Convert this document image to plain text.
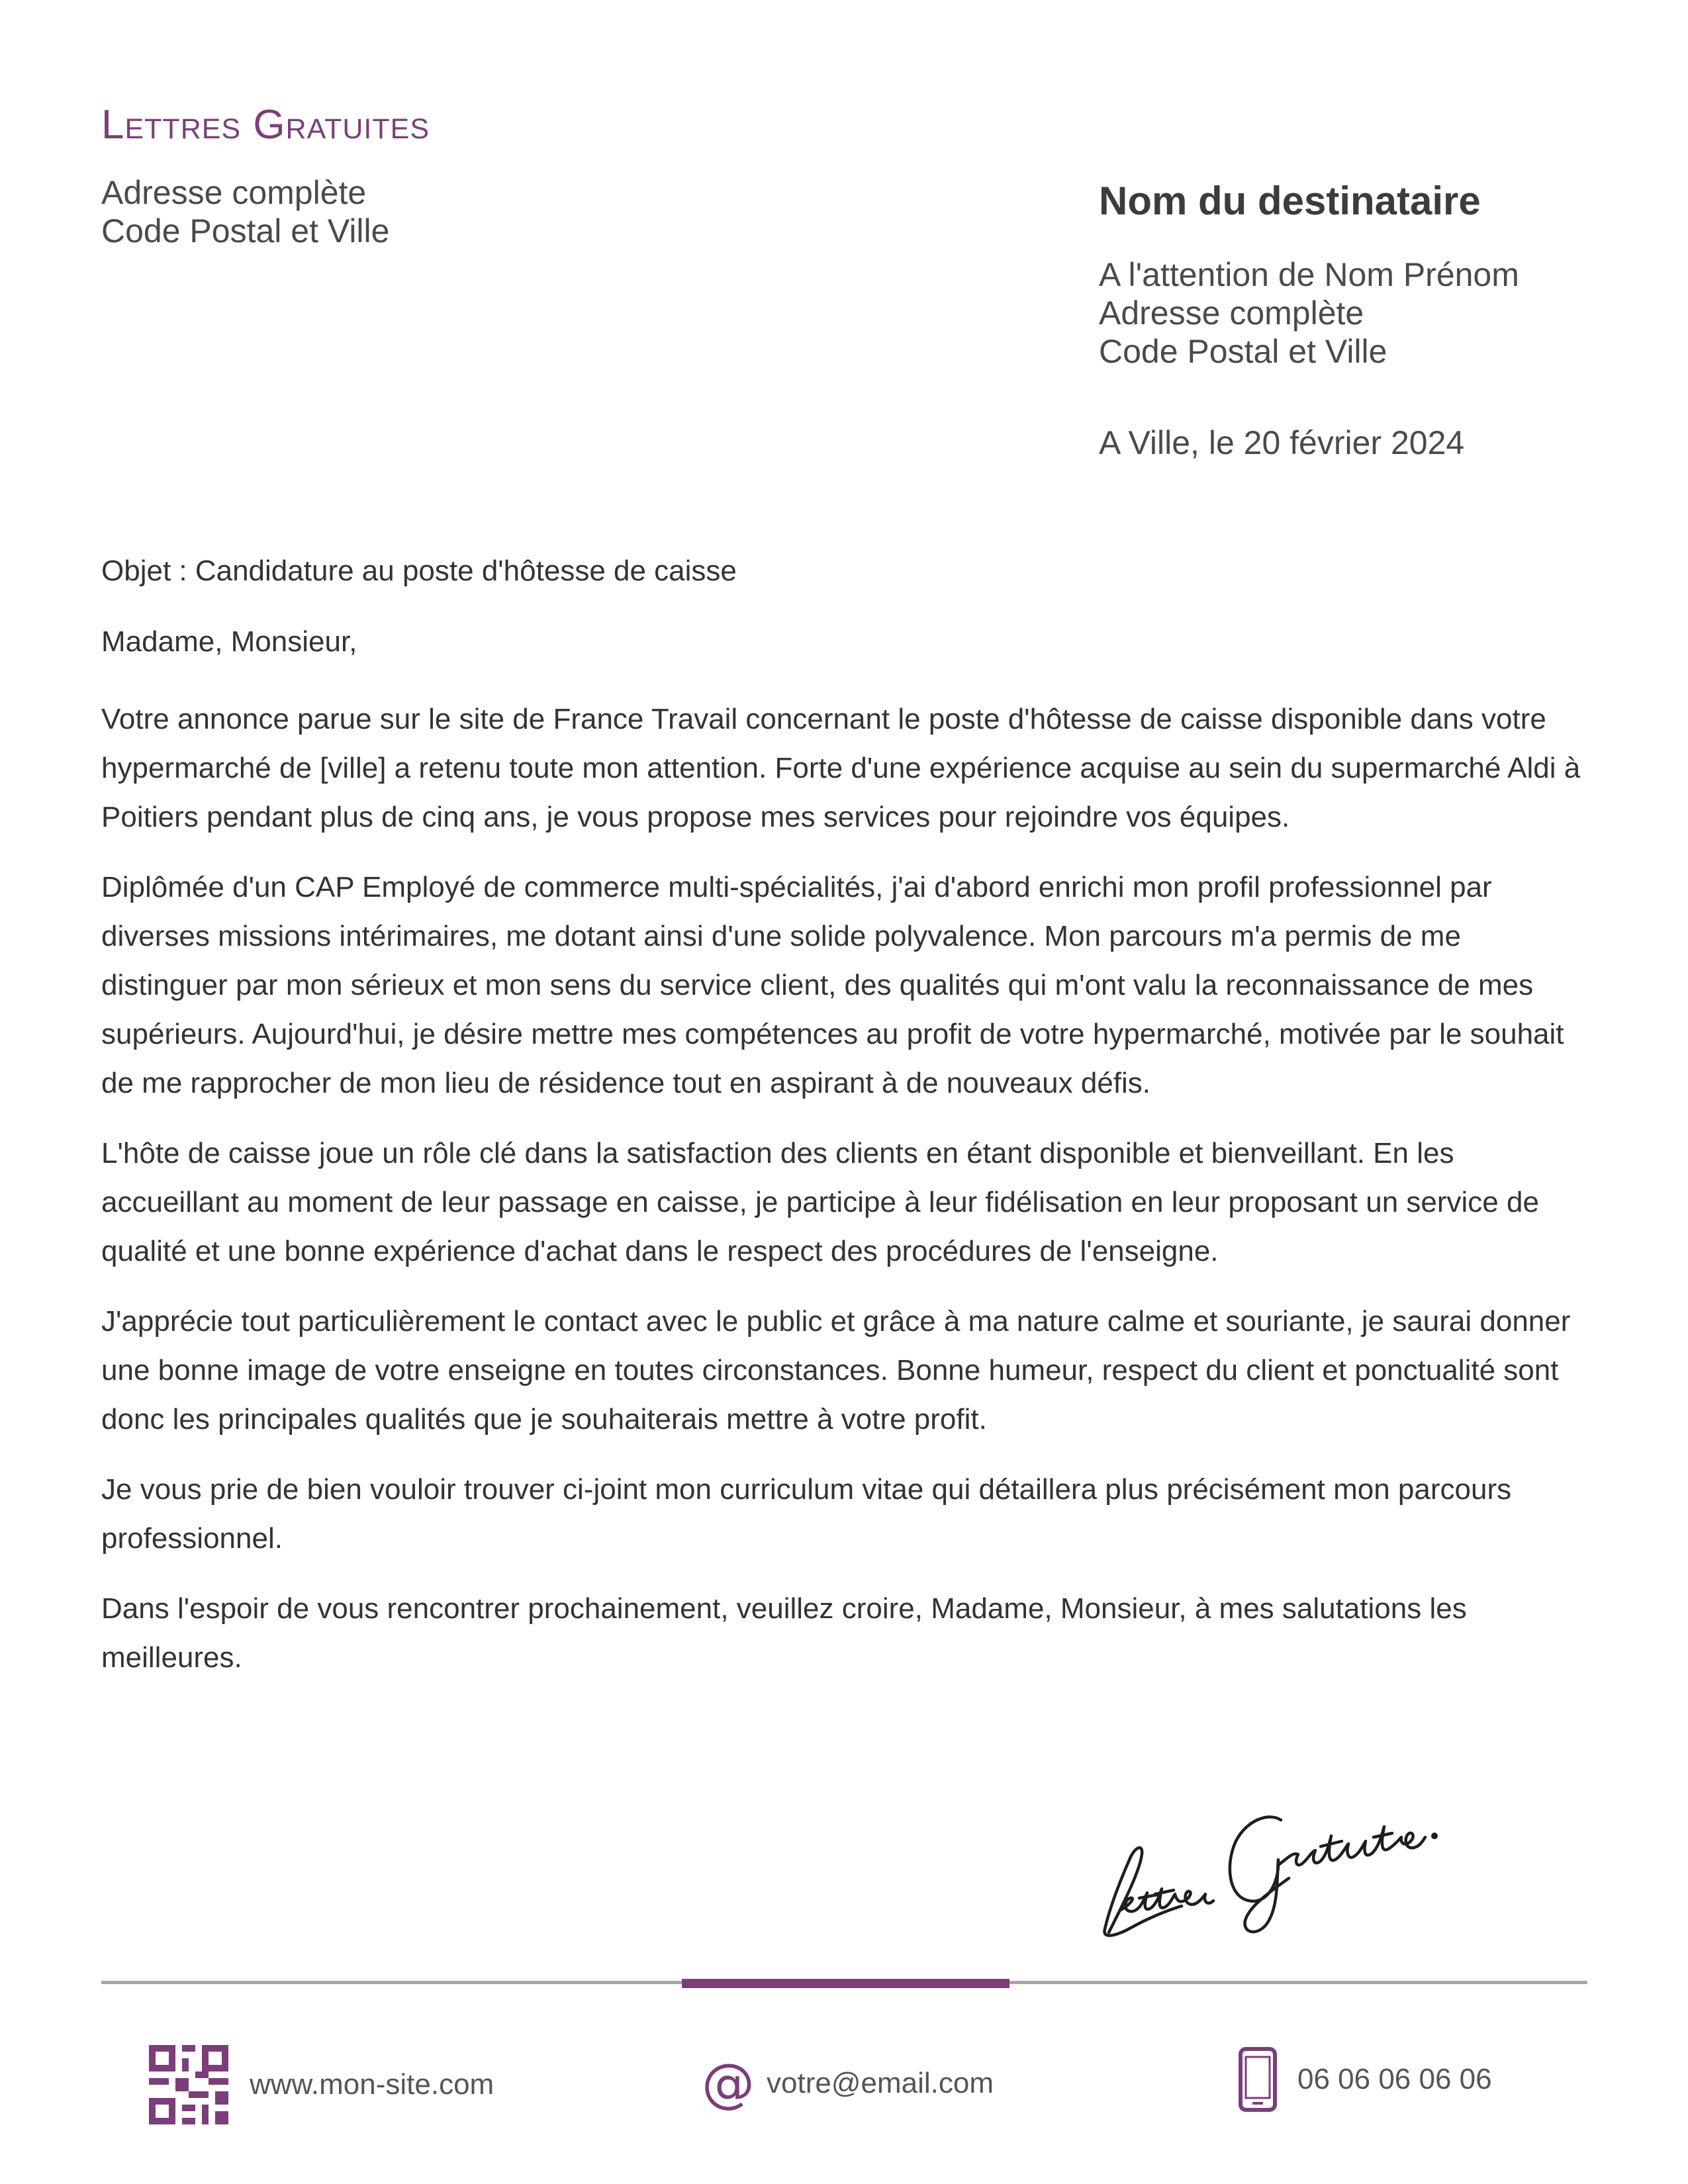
Lettres Gratuites
Adresse complète
Code Postal et Ville
Nom du destinataire
A l'attention de Nom Prénom
Adresse complète
Code Postal et Ville
A Ville, le 20 février 2024
Objet : Candidature au poste d'hôtesse de caisse
Madame, Monsieur,

Votre annonce parue sur le site de France Travail concernant le poste d'hôtesse de caisse disponible dans votre hypermarché de [ville] a retenu toute mon attention. Forte d'une expérience acquise au sein du supermarché Aldi à Poitiers pendant plus de cinq ans, je vous propose mes services pour rejoindre vos équipes.

Diplômée d'un CAP Employé de commerce multi-spécialités, j'ai d'abord enrichi mon profil professionnel par diverses missions intérimaires, me dotant ainsi d'une solide polyvalence. Mon parcours m'a permis de me distinguer par mon sérieux et mon sens du service client, des qualités qui m'ont valu la reconnaissance de mes supérieurs. Aujourd'hui, je désire mettre mes compétences au profit de votre hypermarché, motivée par le souhait de me rapprocher de mon lieu de résidence tout en aspirant à de nouveaux défis.

L'hôte de caisse joue un rôle clé dans la satisfaction des clients en étant disponible et bienveillant. En les accueillant au moment de leur passage en caisse, je participe à leur fidélisation en leur proposant un service de qualité et une bonne expérience d'achat dans le respect des procédures de l'enseigne.

J'apprécie tout particulièrement le contact avec le public et grâce à ma nature calme et souriante, je saurai donner une bonne image de votre enseigne en toutes circonstances. Bonne humeur, respect du client et ponctualité sont donc les principales qualités que je souhaiterais mettre à votre profit.

Je vous prie de bien vouloir trouver ci-joint mon curriculum vitae qui détaillera plus précisément mon parcours professionnel.

Dans l'espoir de vous rencontrer prochainement, veuillez croire, Madame, Monsieur, à mes salutations les meilleures.

www.mon-site.com	@ votre@email.com	06 06 06 06 06
